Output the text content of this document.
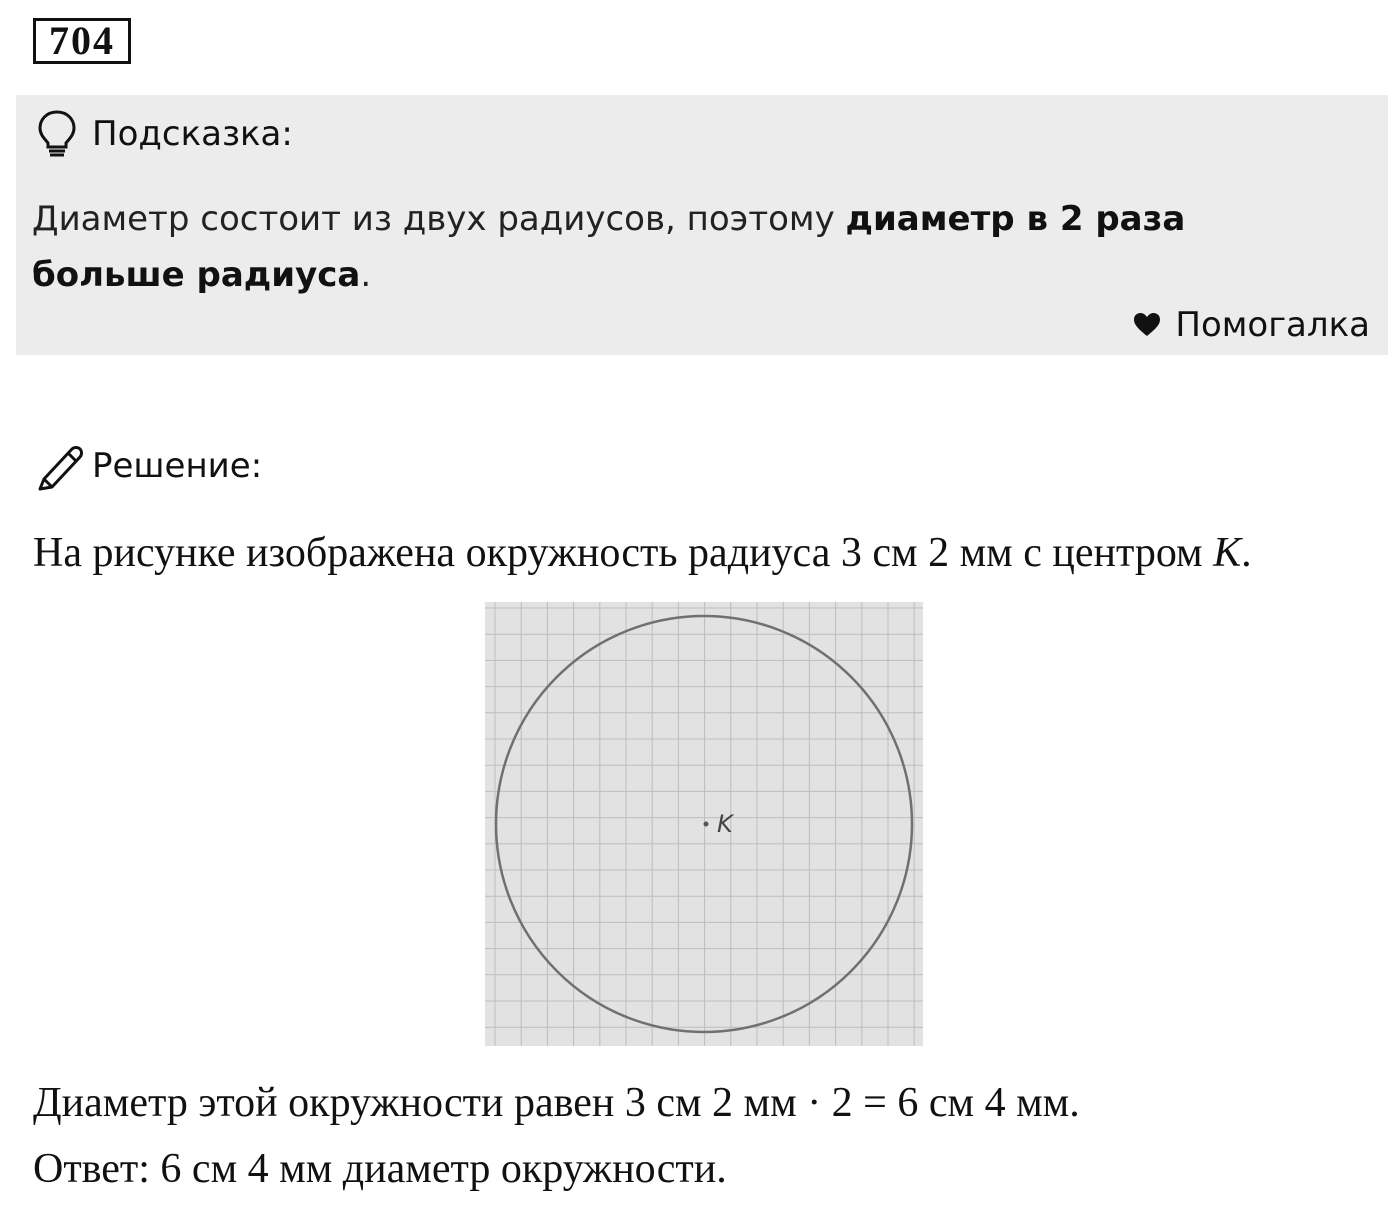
704
Подсказка:
Диаметр состоит из двух радиусов, поэтому диаметр в 2 раза
больше радиуса.
Помогалка
Решение:
На рисунке изображена окружность радиуса 3 см 2 мм с центром K.
K
Диаметр этой окружности равен 3 см 2 мм · 2 = 6 см 4 мм.
Ответ: 6 см 4 мм диаметр окружности.
